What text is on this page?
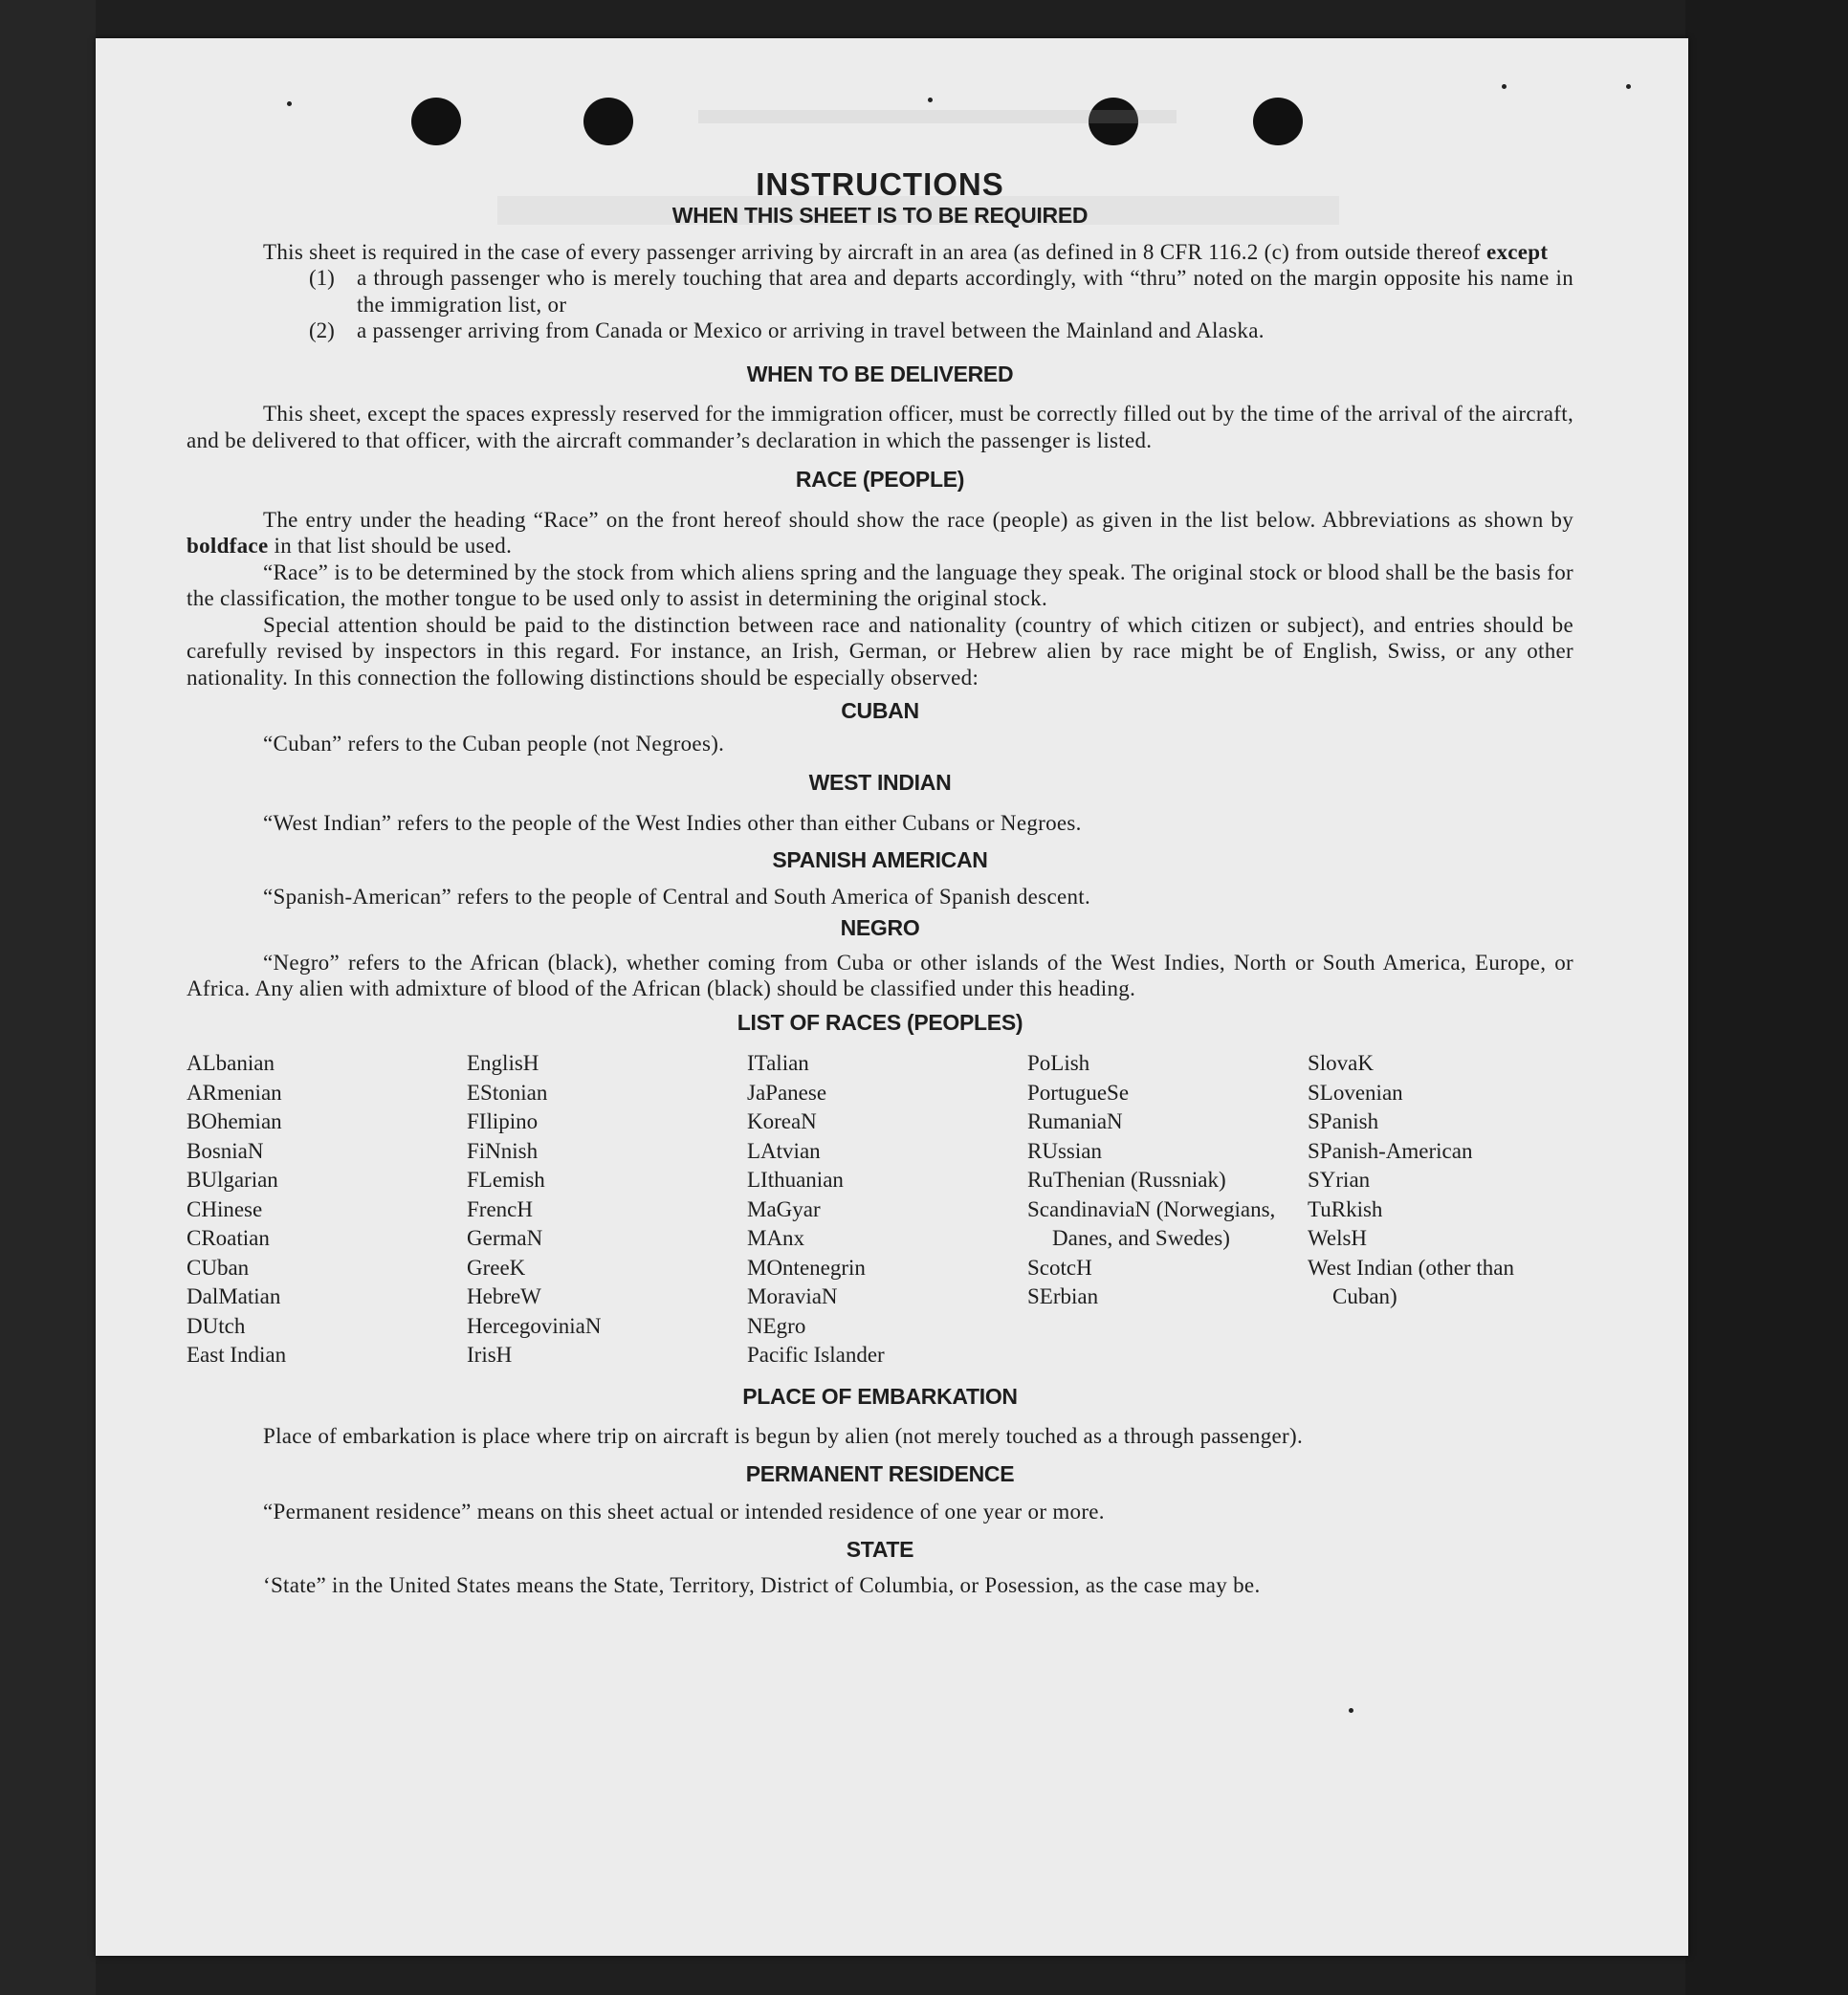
INSTRUCTIONS
WHEN THIS SHEET IS TO BE REQUIRED

This sheet is required in the case of every passenger arriving by aircraft in an area (as defined in 8 CFR 116.2 (c) from outside thereof except

(1)	a through passenger who is merely touching that area and departs accordingly, with “thru” noted on the margin opposite his name in the immigration list, or
(2)	a passenger arriving from Canada or Mexico or arriving in travel between the Mainland and Alaska.
WHEN TO BE DELIVERED

This sheet, except the spaces expressly reserved for the immigration officer, must be correctly filled out by the time of the arrival of the aircraft, and be delivered to that officer, with the aircraft commander’s declaration in which the passenger is listed.

RACE (PEOPLE)

The entry under the heading “Race” on the front hereof should show the race (people) as given in the list below. Abbreviations as shown by boldface in that list should be used.

“Race” is to be determined by the stock from which aliens spring and the language they speak. The original stock or blood shall be the basis for the classification, the mother tongue to be used only to assist in determining the original stock.

Special attention should be paid to the distinction between race and nationality (country of which citizen or subject), and entries should be carefully revised by inspectors in this regard. For instance, an Irish, German, or Hebrew alien by race might be of English, Swiss, or any other nationality. In this connection the following distinctions should be especially observed:

CUBAN

“Cuban” refers to the Cuban people (not Negroes).

WEST INDIAN

“West Indian” refers to the people of the West Indies other than either Cubans or Negroes.

SPANISH AMERICAN

“Spanish-American” refers to the people of Central and South America of Spanish descent.

NEGRO

“Negro” refers to the African (black), whether coming from Cuba or other islands of the West Indies, North or South America, Europe, or Africa. Any alien with admixture of blood of the African (black) should be classified under this heading.

LIST OF RACES (PEOPLES)
ALbanian
ARmenian
BOhemian
BosniaN
BUlgarian
CHinese
CRoatian
CUban
DalMatian
DUtch
East Indian
EnglisH
EStonian
FIlipino
FiNnish
FLemish
FrencH
GermaN
GreeK
HebreW
HercegoviniaN
IrisH
ITalian
JaPanese
KoreaN
LAtvian
LIthuanian
MaGyar
MAnx
MOntenegrin
MoraviaN
NEgro
Pacific Islander
PoLish
PortugueSe
RumaniaN
RUssian
RuThenian (Russniak)
ScandinaviaN (Norwegians, Danes, and Swedes)
ScotcH
SErbian
SlovaK
SLovenian
SPanish
SPanish-American
SYrian
TuRkish
WelsH
West Indian (other than Cuban)
PLACE OF EMBARKATION

Place of embarkation is place where trip on aircraft is begun by alien (not merely touched as a through passenger).

PERMANENT RESIDENCE

“Permanent residence” means on this sheet actual or intended residence of one year or more.

STATE

‘State” in the United States means the State, Territory, District of Columbia, or Posession, as the case may be.
